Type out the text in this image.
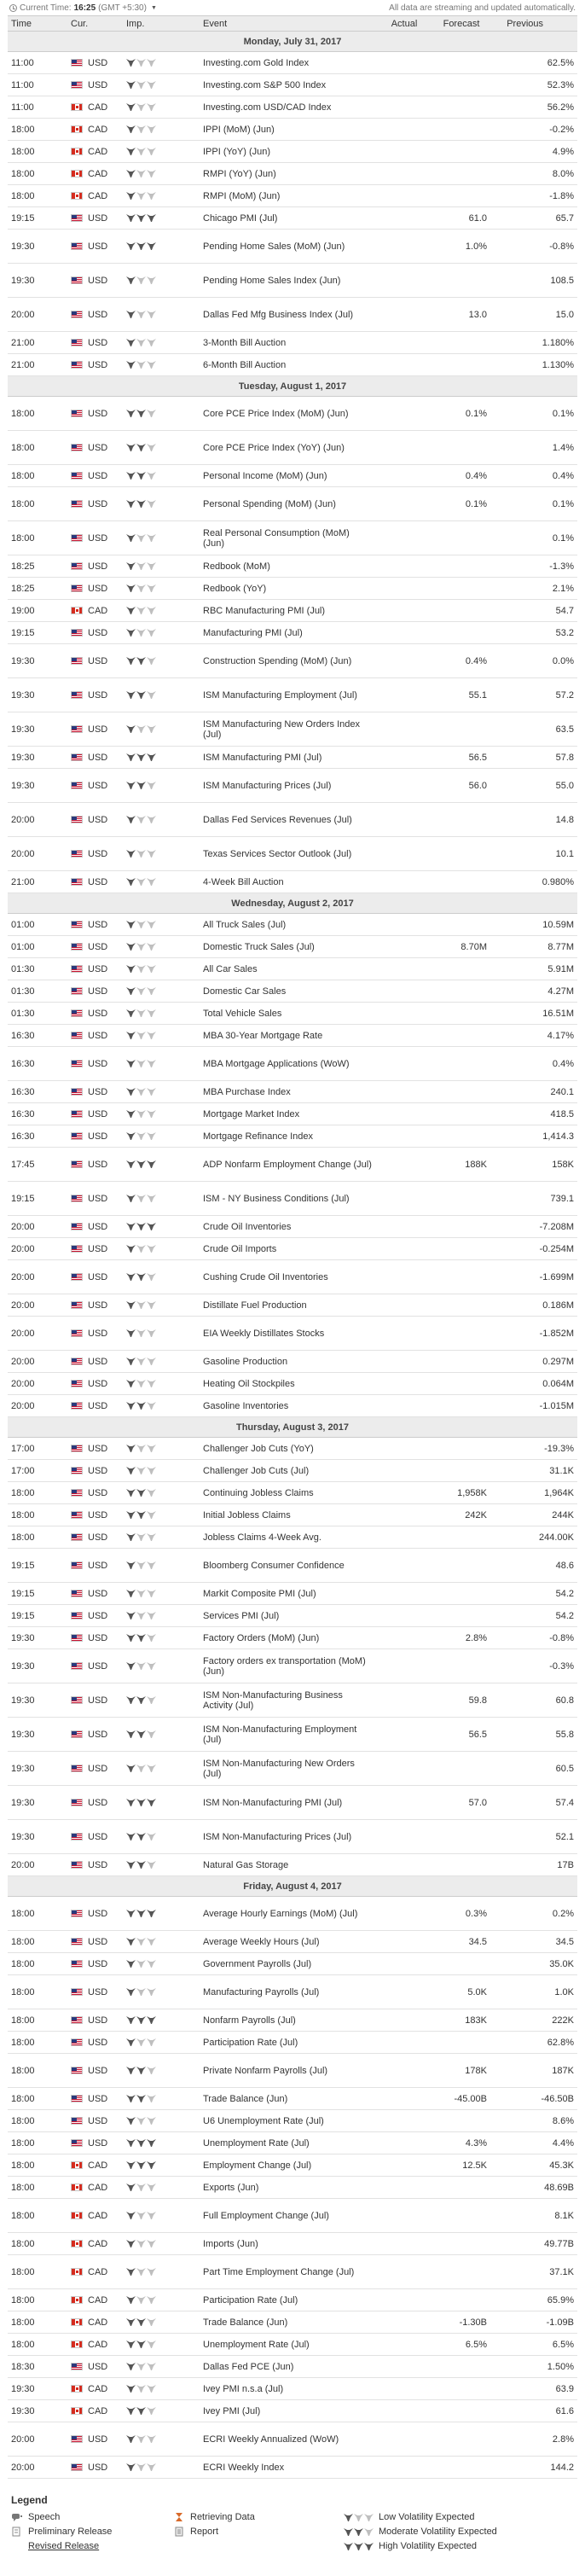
Current Time: 16:25 (GMT +5:30) ▼	All data are streaming and updated automatically.
Time	Cur.	Imp.	Event	Actual	Forecast	Previous
Monday, July 31, 2017						
11:00	USD		Investing.com Gold Index			62.5%
11:00	USD		Investing.com S&P 500 Index			52.3%
11:00	CAD		Investing.com USD/CAD Index			56.2%
18:00	CAD		IPPI (MoM) (Jun)			-0.2%
18:00	CAD		IPPI (YoY) (Jun)			4.9%
18:00	CAD		RMPI (YoY) (Jun)			8.0%
18:00	CAD		RMPI (MoM) (Jun)			-1.8%
19:15	USD		Chicago PMI (Jul)		61.0	65.7
19:30	USD		Pending Home Sales (MoM) (Jun)		1.0%	-0.8%
19:30	USD		Pending Home Sales Index (Jun)			108.5
20:00	USD		Dallas Fed Mfg Business Index (Jul)		13.0	15.0
21:00	USD		3-Month Bill Auction			1.180%
21:00	USD		6-Month Bill Auction			1.130%
Tuesday, August 1, 2017						
18:00	USD		Core PCE Price Index (MoM) (Jun)		0.1%	0.1%
18:00	USD		Core PCE Price Index (YoY) (Jun)			1.4%
18:00	USD		Personal Income (MoM) (Jun)		0.4%	0.4%
18:00	USD		Personal Spending (MoM) (Jun)		0.1%	0.1%
18:00	USD		Real Personal Consumption (MoM) (Jun)			0.1%
18:25	USD		Redbook (MoM)			-1.3%
18:25	USD		Redbook (YoY)			2.1%
19:00	CAD		RBC Manufacturing PMI (Jul)			54.7
19:15	USD		Manufacturing PMI (Jul)			53.2
19:30	USD		Construction Spending (MoM) (Jun)		0.4%	0.0%
19:30	USD		ISM Manufacturing Employment (Jul)		55.1	57.2
19:30	USD		ISM Manufacturing New Orders Index (Jul)			63.5
19:30	USD		ISM Manufacturing PMI (Jul)		56.5	57.8
19:30	USD		ISM Manufacturing Prices (Jul)		56.0	55.0
20:00	USD		Dallas Fed Services Revenues (Jul)			14.8
20:00	USD		Texas Services Sector Outlook (Jul)			10.1
21:00	USD		4-Week Bill Auction			0.980%
Wednesday, August 2, 2017						
01:00	USD		All Truck Sales (Jul)			10.59M
01:00	USD		Domestic Truck Sales (Jul)		8.70M	8.77M
01:30	USD		All Car Sales			5.91M
01:30	USD		Domestic Car Sales			4.27M
01:30	USD		Total Vehicle Sales			16.51M
16:30	USD		MBA 30-Year Mortgage Rate			4.17%
16:30	USD		MBA Mortgage Applications (WoW)			0.4%
16:30	USD		MBA Purchase Index			240.1
16:30	USD		Mortgage Market Index			418.5
16:30	USD		Mortgage Refinance Index			1,414.3
17:45	USD		ADP Nonfarm Employment Change (Jul)		188K	158K
19:15	USD		ISM - NY Business Conditions (Jul)			739.1
20:00	USD		Crude Oil Inventories			-7.208M
20:00	USD		Crude Oil Imports			-0.254M
20:00	USD		Cushing Crude Oil Inventories			-1.699M
20:00	USD		Distillate Fuel Production			0.186M
20:00	USD		EIA Weekly Distillates Stocks			-1.852M
20:00	USD		Gasoline Production			0.297M
20:00	USD		Heating Oil Stockpiles			0.064M
20:00	USD		Gasoline Inventories			-1.015M
Thursday, August 3, 2017						
17:00	USD		Challenger Job Cuts (YoY)			-19.3%
17:00	USD		Challenger Job Cuts (Jul)			31.1K
18:00	USD		Continuing Jobless Claims		1,958K	1,964K
18:00	USD		Initial Jobless Claims		242K	244K
18:00	USD		Jobless Claims 4-Week Avg.			244.00K
19:15	USD		Bloomberg Consumer Confidence			48.6
19:15	USD		Markit Composite PMI (Jul)			54.2
19:15	USD		Services PMI (Jul)			54.2
19:30	USD		Factory Orders (MoM) (Jun)		2.8%	-0.8%
19:30	USD		Factory orders ex transportation (MoM) (Jun)			-0.3%
19:30	USD		ISM Non-Manufacturing Business Activity (Jul)		59.8	60.8
19:30	USD		ISM Non-Manufacturing Employment (Jul)		56.5	55.8
19:30	USD		ISM Non-Manufacturing New Orders (Jul)			60.5
19:30	USD		ISM Non-Manufacturing PMI (Jul)		57.0	57.4
19:30	USD		ISM Non-Manufacturing Prices (Jul)			52.1
20:00	USD		Natural Gas Storage			17B
Friday, August 4, 2017						
18:00	USD		Average Hourly Earnings (MoM) (Jul)		0.3%	0.2%
18:00	USD		Average Weekly Hours (Jul)		34.5	34.5
18:00	USD		Government Payrolls (Jul)			35.0K
18:00	USD		Manufacturing Payrolls (Jul)		5.0K	1.0K
18:00	USD		Nonfarm Payrolls (Jul)		183K	222K
18:00	USD		Participation Rate (Jul)			62.8%
18:00	USD		Private Nonfarm Payrolls (Jul)		178K	187K
18:00	USD		Trade Balance (Jun)		-45.00B	-46.50B
18:00	USD		U6 Unemployment Rate (Jul)			8.6%
18:00	USD		Unemployment Rate (Jul)		4.3%	4.4%
18:00	CAD		Employment Change (Jul)		12.5K	45.3K
18:00	CAD		Exports (Jun)			48.69B
18:00	CAD		Full Employment Change (Jul)			8.1K
18:00	CAD		Imports (Jun)			49.77B
18:00	CAD		Part Time Employment Change (Jul)			37.1K
18:00	CAD		Participation Rate (Jul)			65.9%
18:00	CAD		Trade Balance (Jun)		-1.30B	-1.09B
18:00	CAD		Unemployment Rate (Jul)		6.5%	6.5%
18:30	USD		Dallas Fed PCE (Jun)			1.50%
19:30	CAD		Ivey PMI n.s.a (Jul)			63.9
19:30	CAD		Ivey PMI (Jul)			61.6
20:00	USD		ECRI Weekly Annualized (WoW)			2.8%
20:00	USD		ECRI Weekly Index			144.2
Legend
Speech	Retrieving Data	Low Volatility Expected
Preliminary Release	Report	Moderate Volatility Expected
Revised Release	High Volatility Expected
